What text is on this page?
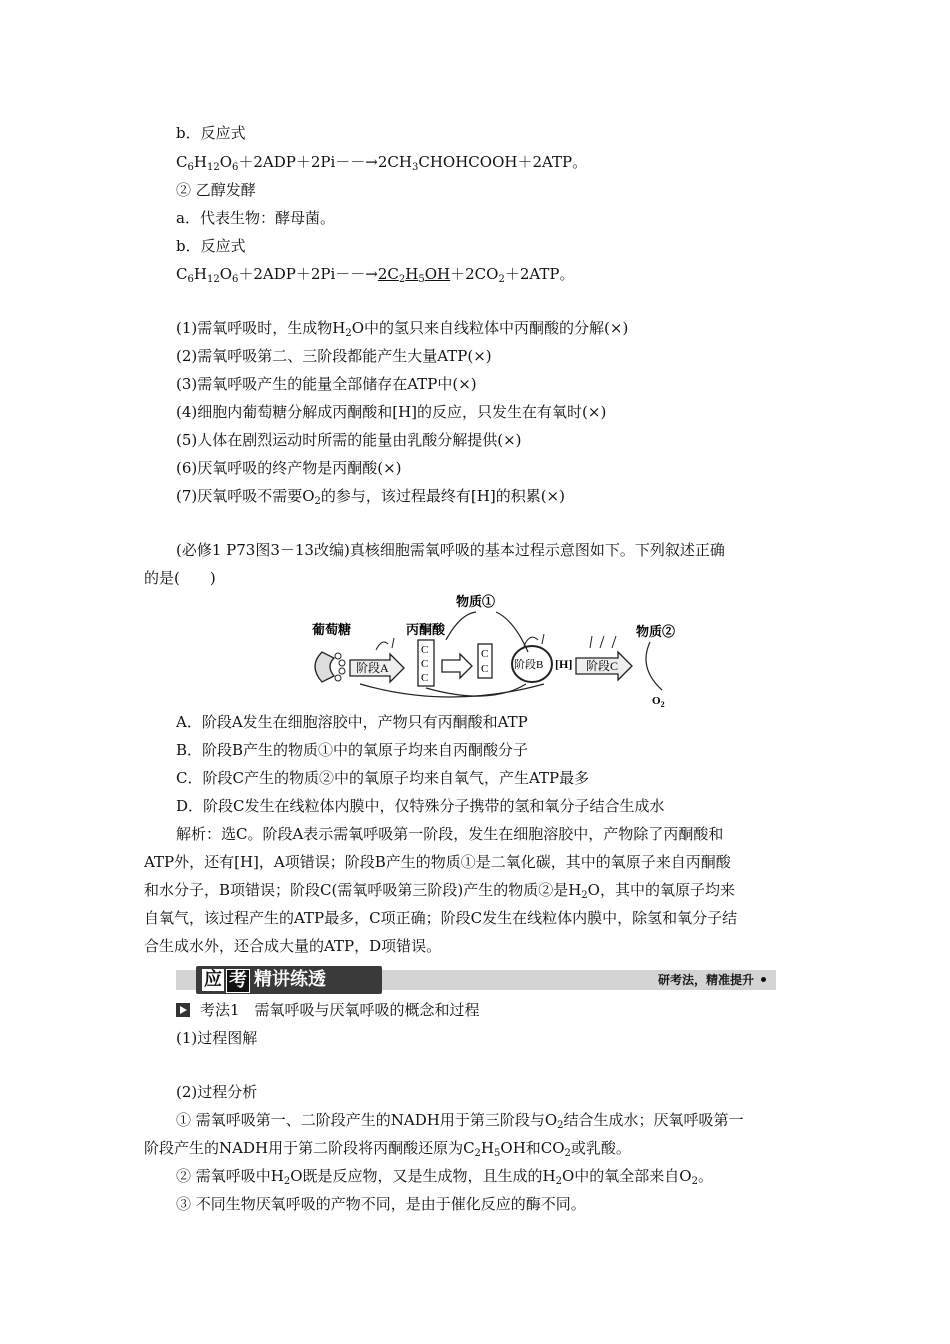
b．反应式
$C_6H_{12}O_6+2ADP+2Pi--\to 2CH_3CHOHCOOH+2ATP$。
② 乙醇发酵
a．代表生物：酵母菌。
b．反应式
$C_6H_{12}O_6+2ADP+2Pi--\to 2C_2H_5OH+2CO_2+2ATP$。
(1)需氧呼吸时，生成物$H_2O$中的氢只来自线粒体中丙酮酸的分解(×)
(2)需氧呼吸第二、三阶段都能产生大量ATP(×)
(3)需氧呼吸产生的能量全部储存在ATP中(×)
(4)细胞内葡萄糖分解成丙酮酸和[H]的反应，只发生在有氧时(×)
(5)人体在剧烈运动时所需的能量由乳酸分解提供(×)
(6)厌氧呼吸的终产物是丙酮酸(×)
(7)厌氧呼吸不需要$O_2$的参与，该过程最终有[H]的积累(×)
(必修1 P73图3－13改编)真核细胞需氧呼吸的基本过程示意图如下。下列叙述正确
的是(　　)
葡萄糖
阶段A
丙酮酸
C
C
C
C
C
物质①
阶段B [H] 阶段C
物质②
$O_2$
A．阶段A发生在细胞溶胶中，产物只有丙酮酸和ATP
B．阶段B产生的物质①中的氧原子均来自丙酮酸分子
C．阶段C产生的物质②中的氧原子均来自氧气，产生ATP最多
D．阶段C发生在线粒体内膜中，仅特殊分子携带的氢和氧分子结合生成水
解析：选C。阶段A表示需氧呼吸第一阶段，发生在细胞溶胶中，产物除了丙酮酸和
ATP外，还有[H]，A项错误；阶段B产生的物质①是二氧化碳，其中的氧原子来自丙酮酸
和水分子，B项错误；阶段C(需氧呼吸第三阶段)产生的物质②是$H_2O$，其中的氧原子均来
自氧气，该过程产生的ATP最多，C项正确；阶段C发生在线粒体内膜中，除氢和氧分子结
合生成水外，还合成大量的ATP，D项错误。
应 考 精讲练透	研考法，精准提升
考法1　需氧呼吸与厌氧呼吸的概念和过程
(1)过程图解
(2)过程分析
① 需氧呼吸第一、二阶段产生的NADH用于第三阶段与$O_2$结合生成水；厌氧呼吸第一
阶段产生的NADH用于第二阶段将丙酮酸还原为$C_2H_5OH$和$CO_2$或乳酸。
② 需氧呼吸中$H_2O$既是反应物，又是生成物，且生成的$H_2O$中的氧全部来自$O_2$。
③ 不同生物厌氧呼吸的产物不同，是由于催化反应的酶不同。
